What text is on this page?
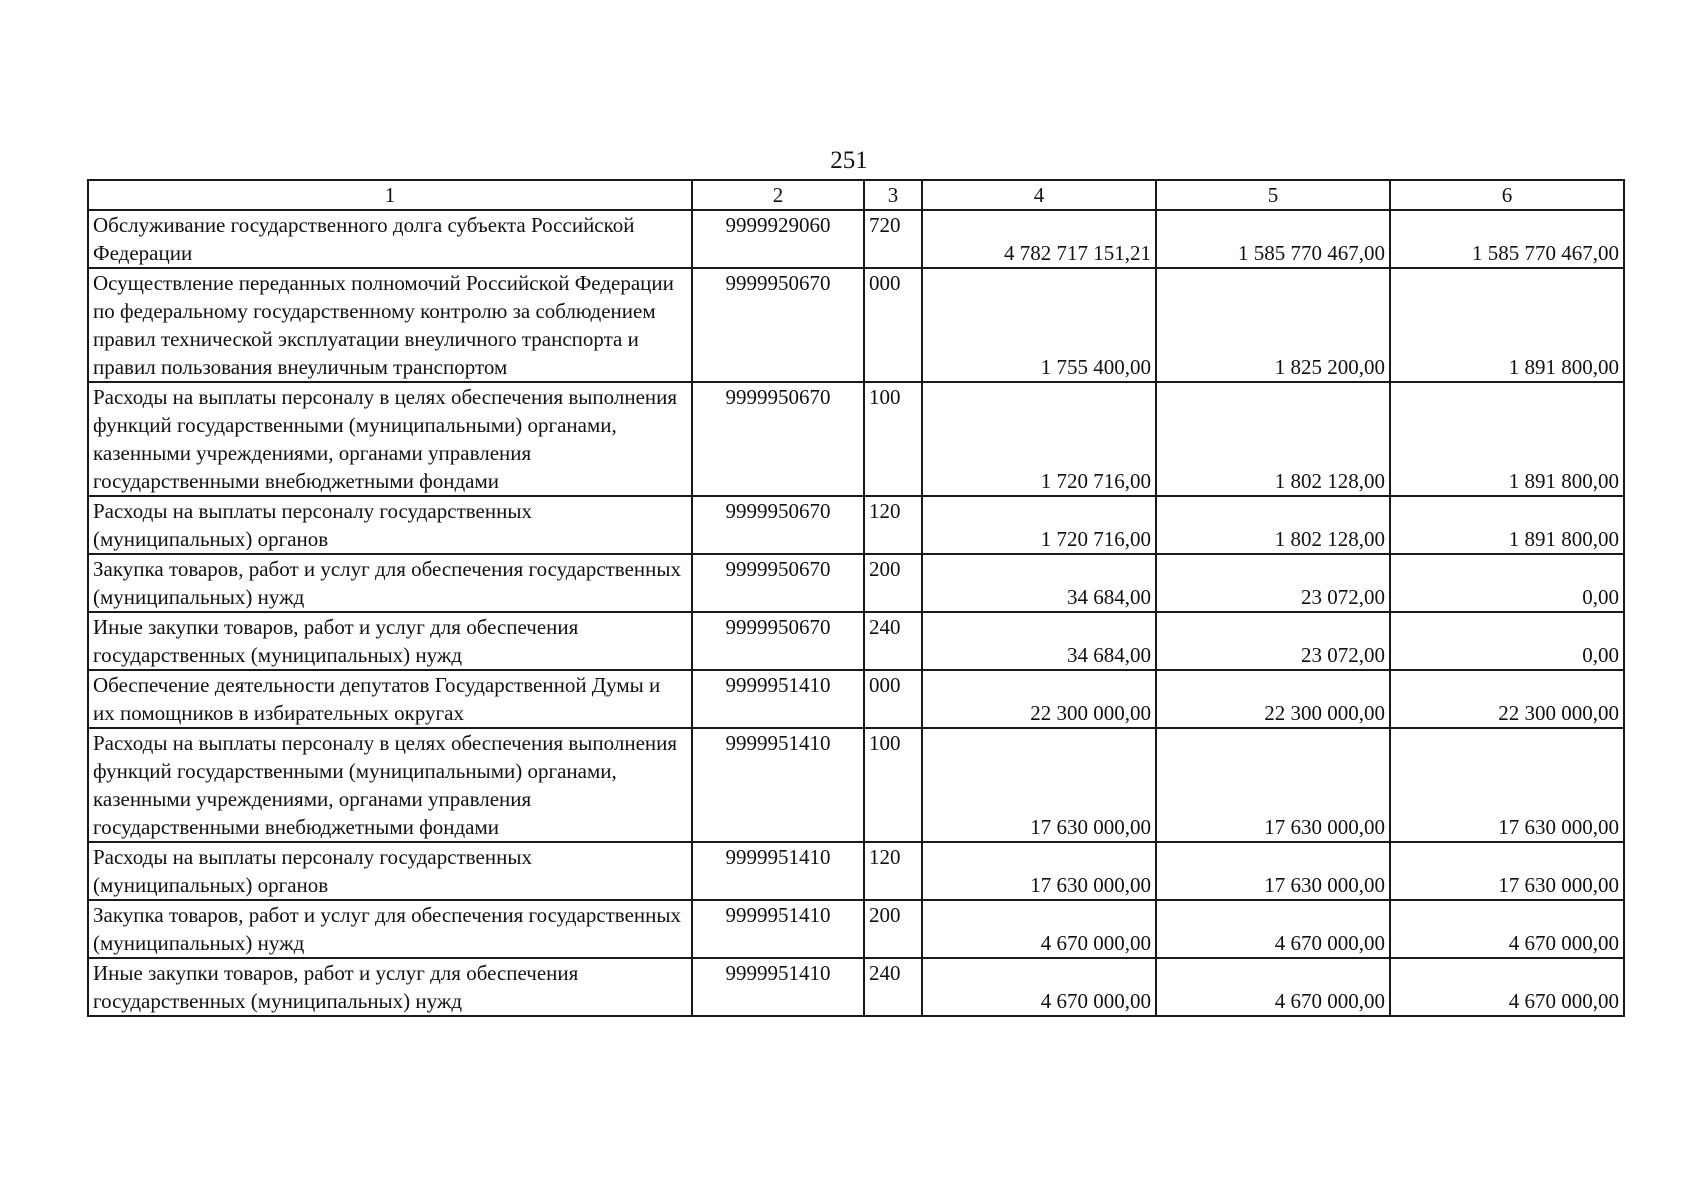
251
1	2	3	4	5	6
Обслуживание государственного долга субъекта Российской Федерации	9999929060	720	4 782 717 151,21	1 585 770 467,00	1 585 770 467,00
Осуществление переданных полномочий Российской Федерации по федеральному государственному контролю за соблюдением правил технической эксплуатации внеуличного транспорта и правил пользования внеуличным транспортом	9999950670	000	1 755 400,00	1 825 200,00	1 891 800,00
Расходы на выплаты персоналу в целях обеспечения выполнения функций государственными (муниципальными) органами, казенными учреждениями, органами управления государственными внебюджетными фондами	9999950670	100	1 720 716,00	1 802 128,00	1 891 800,00
Расходы на выплаты персоналу государственных (муниципальных) органов	9999950670	120	1 720 716,00	1 802 128,00	1 891 800,00
Закупка товаров, работ и услуг для обеспечения государственных (муниципальных) нужд	9999950670	200	34 684,00	23 072,00	0,00
Иные закупки товаров, работ и услуг для обеспечения государственных (муниципальных) нужд	9999950670	240	34 684,00	23 072,00	0,00
Обеспечение деятельности депутатов Государственной Думы и их помощников в избирательных округах	9999951410	000	22 300 000,00	22 300 000,00	22 300 000,00
Расходы на выплаты персоналу в целях обеспечения выполнения функций государственными (муниципальными) органами, казенными учреждениями, органами управления государственными внебюджетными фондами	9999951410	100	17 630 000,00	17 630 000,00	17 630 000,00
Расходы на выплаты персоналу государственных (муниципальных) органов	9999951410	120	17 630 000,00	17 630 000,00	17 630 000,00
Закупка товаров, работ и услуг для обеспечения государственных (муниципальных) нужд	9999951410	200	4 670 000,00	4 670 000,00	4 670 000,00
Иные закупки товаров, работ и услуг для обеспечения государственных (муниципальных) нужд	9999951410	240	4 670 000,00	4 670 000,00	4 670 000,00
